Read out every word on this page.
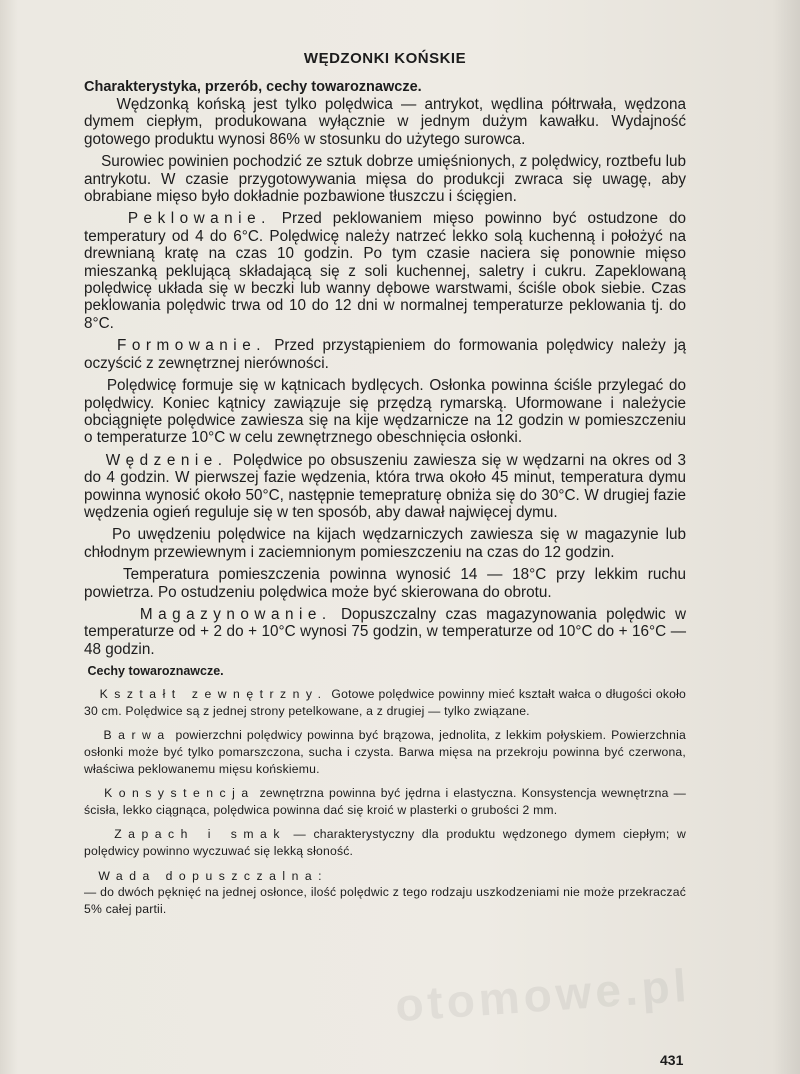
WĘDZONKI KOŃSKIE
Charakterystyka, przerób, cechy towaroznawcze.

Wędzonką końską jest tylko polędwica — antrykot, wędlina półtrwała, wędzona dymem ciepłym, produkowana wyłącznie w jednym dużym kawałku. Wydajność gotowego produktu wynosi 86% w stosunku do użytego surowca.

Surowiec powinien pochodzić ze sztuk dobrze umięśnionych, z polędwicy, roztbefu lub antrykotu. W czasie przygotowywania mięsa do produkcji zwraca się uwagę, aby obrabiane mięso było dokładnie pozbawione tłuszczu i ścięgien.

Peklowanie. Przed peklowaniem mięso powinno być ostudzone do temperatury od 4 do 6°C. Polędwicę należy natrzeć lekko solą kuchenną i położyć na drewnianą kratę na czas 10 godzin. Po tym czasie naciera się ponownie mięso mieszanką peklującą składającą się z soli kuchennej, saletry i cukru. Zapeklowaną polędwicę układa się w beczki lub wanny dębowe warstwami, ściśle obok siebie. Czas peklowania polędwic trwa od 10 do 12 dni w normalnej temperaturze peklowania tj. do 8°C.

Formowanie. Przed przystąpieniem do formowania polędwicy należy ją oczyścić z zewnętrznej nierówności.

Polędwicę formuje się w kątnicach bydlęcych. Osłonka powinna ściśle przylegać do polędwicy. Koniec kątnicy zawiązuje się przędzą rymarską. Uformowane i należycie obciągnięte polędwice zawiesza się na kije wędzarnicze na 12 godzin w pomieszczeniu o temperaturze 10°C w celu zewnętrznego obeschnięcia osłonki.

Wędzenie. Polędwice po obsuszeniu zawiesza się w wędzarni na okres od 3 do 4 godzin. W pierwszej fazie wędzenia, która trwa około 45 minut, temperatura dymu powinna wynosić około 50°C, następnie temepraturę obniża się do 30°C. W drugiej fazie wędzenia ogień reguluje się w ten sposób, aby dawał najwięcej dymu.

Po uwędzeniu polędwice na kijach wędzarniczych zawiesza się w magazynie lub chłodnym przewiewnym i zaciemnionym pomieszczeniu na czas do 12 godzin.

Temperatura pomieszczenia powinna wynosić 14 — 18°C przy lekkim ruchu powietrza. Po ostudzeniu polędwica może być skierowana do obrotu.

Magazynowanie. Dopuszczalny czas magazynowania polędwic w temperaturze od + 2 do + 10°C wynosi 75 godzin, w temperaturze od 10°C do + 16°C — 48 godzin.

Cechy towaroznawcze.

Kształt zewnętrzny. Gotowe polędwice powinny mieć kształt wałca o długości około 30 cm. Polędwice są z jednej strony petelkowane, a z drugiej — tylko związane.

Barwa powierzchni polędwicy powinna być brązowa, jednolita, z lekkim połyskiem. Powierzchnia osłonki może być tylko pomarszczona, sucha i czysta. Barwa mięsa na przekroju powinna być czerwona, właściwa peklowanemu mięsu końskiemu.

Konsystencja zewnętrzna powinna być jędrna i elastyczna. Konsystencja wewnętrzna — ścisła, lekko ciągnąca, polędwica powinna dać się kroić w plasterki o grubości 2 mm.

Zapach i smak — charakterystyczny dla produktu wędzonego dymem ciepłym; w polędwicy powinno wyczuwać się lekką słoność.

Wada dopuszczalna:
— do dwóch pęknięć na jednej osłonce, ilość polędwic z tego rodzaju uszkodzeniami nie może przekraczać 5% całej partii.

otomowe.pl
431
